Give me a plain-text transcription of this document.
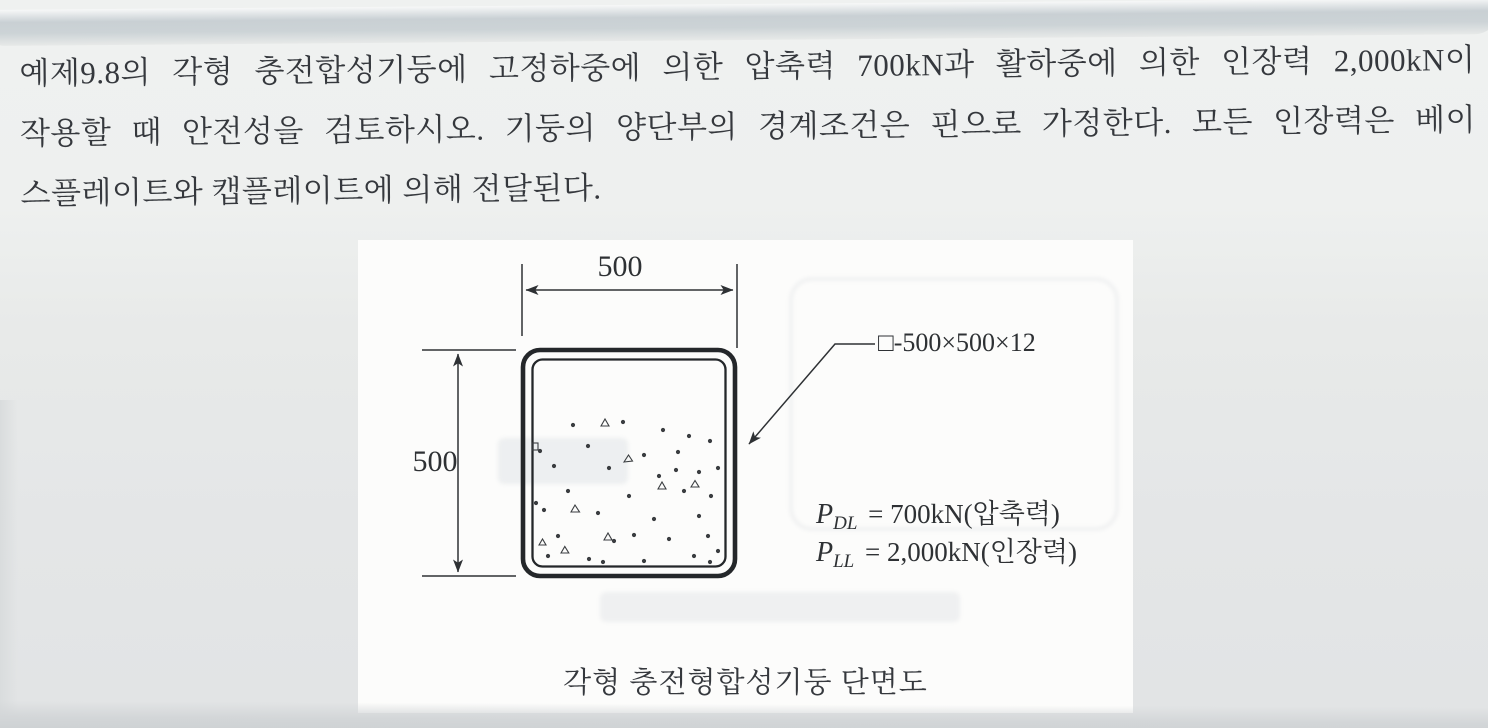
예제9.8의 각형 충전합성기둥에 고정하중에 의한 압축력 700kN과 활하중에 의한 인장력 2,000kN이
작용할 때 안전성을 검토하시오. 기둥의 양단부의 경계조건은 핀으로 가정한다. 모든 인장력은 베이
스플레이트와 캡플레이트에 의해 전달된다.
500
500
□-500×500×12
$P_{DL} = 700kN$(압축력)
$P_{LL} = 2,000kN$(인장력)
각형 충전형합성기둥 단면도
